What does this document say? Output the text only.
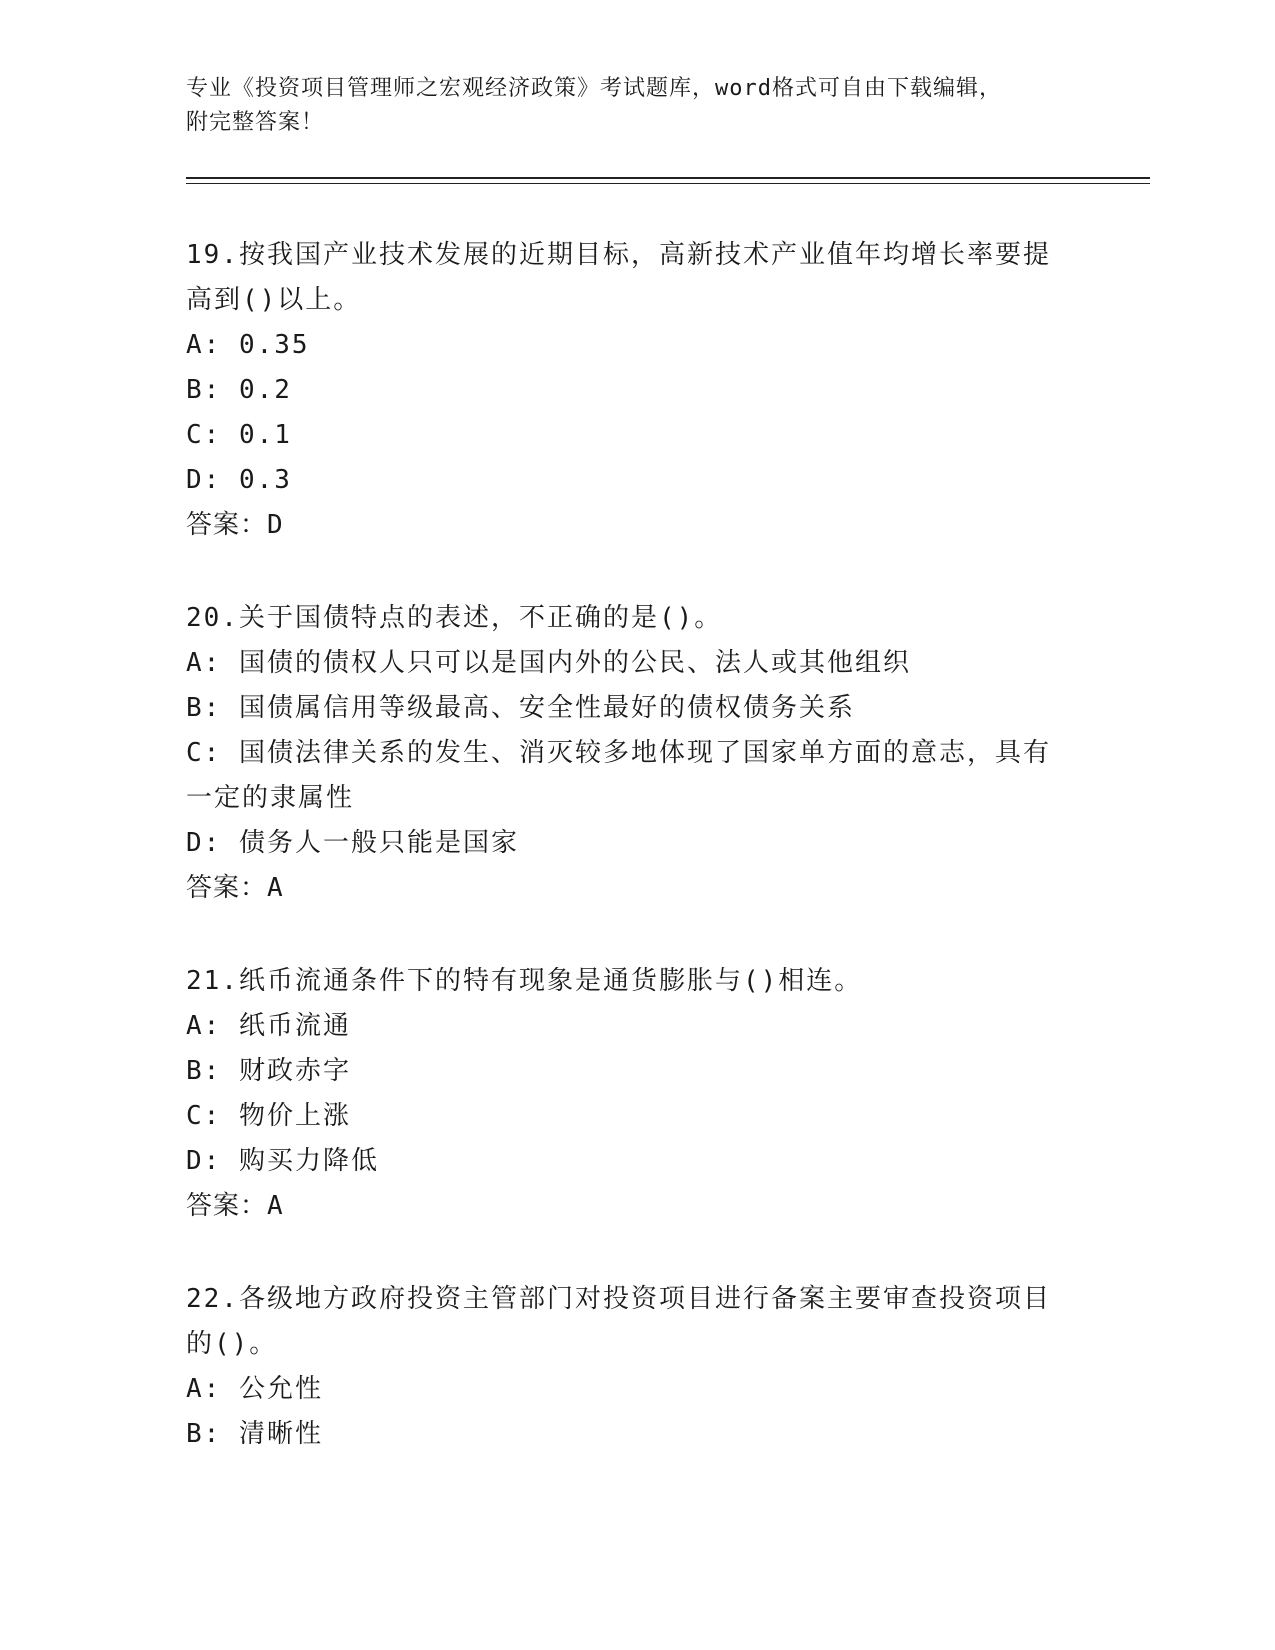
专业《投资项目管理师之宏观经济政策》考试题库，word格式可自由下载编辑，
附完整答案！
19.按我国产业技术发展的近期目标，高新技术产业值年均增长率要提
高到()以上。
A: 0.35
B: 0.2
C: 0.1
D: 0.3
答案：D
20.关于国债特点的表述，不正确的是()。
A: 国债的债权人只可以是国内外的公民、法人或其他组织
B: 国债属信用等级最高、安全性最好的债权债务关系
C: 国债法律关系的发生、消灭较多地体现了国家单方面的意志，具有
一定的隶属性
D: 债务人一般只能是国家
答案：A
21.纸币流通条件下的特有现象是通货膨胀与()相连。
A: 纸币流通
B: 财政赤字
C: 物价上涨
D: 购买力降低
答案：A
22.各级地方政府投资主管部门对投资项目进行备案主要审查投资项目
的()。
A: 公允性
B: 清晰性
